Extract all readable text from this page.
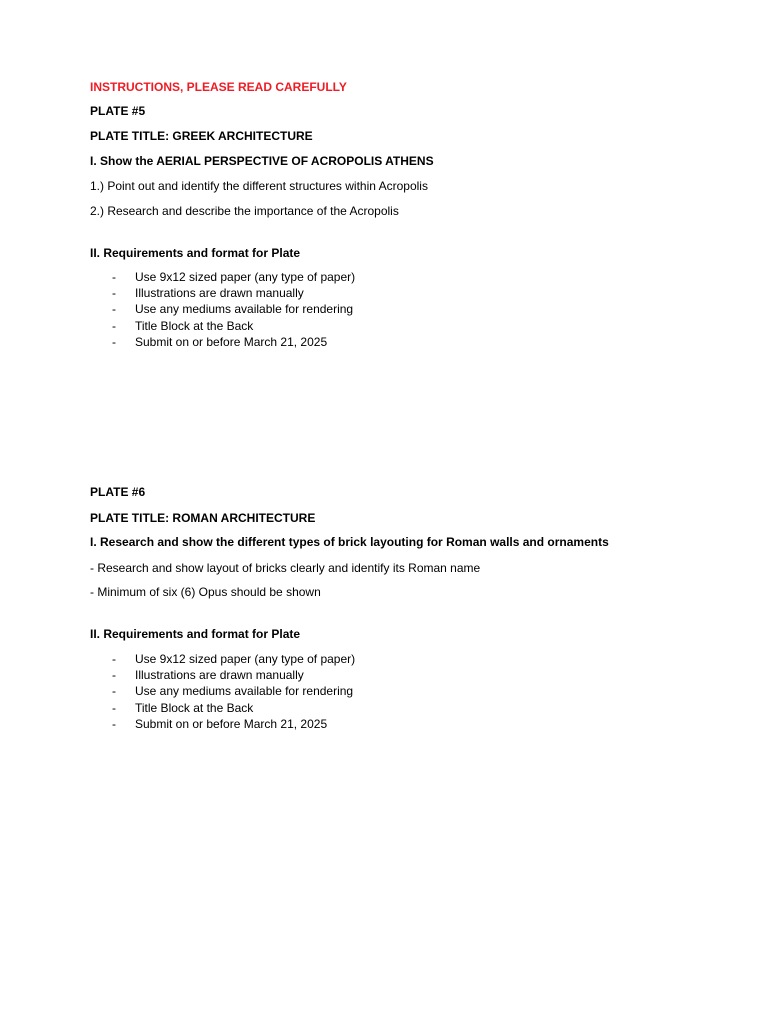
INSTRUCTIONS, PLEASE READ CAREFULLY
PLATE #5
PLATE TITLE: GREEK ARCHITECTURE
I. Show the AERIAL PERSPECTIVE OF ACROPOLIS ATHENS
1.) Point out and identify the different structures within Acropolis
2.) Research and describe the importance of the Acropolis
II. Requirements and format for Plate
- Use 9x12 sized paper (any type of paper)
- Illustrations are drawn manually
- Use any mediums available for rendering
- Title Block at the Back
- Submit on or before March 21, 2025
PLATE #6
PLATE TITLE: ROMAN ARCHITECTURE
I. Research and show the different types of brick layouting for Roman walls and ornaments
- Research and show layout of bricks clearly and identify its Roman name
- Minimum of six (6) Opus should be shown
II. Requirements and format for Plate
- Use 9x12 sized paper (any type of paper)
- Illustrations are drawn manually
- Use any mediums available for rendering
- Title Block at the Back
- Submit on or before March 21, 2025
